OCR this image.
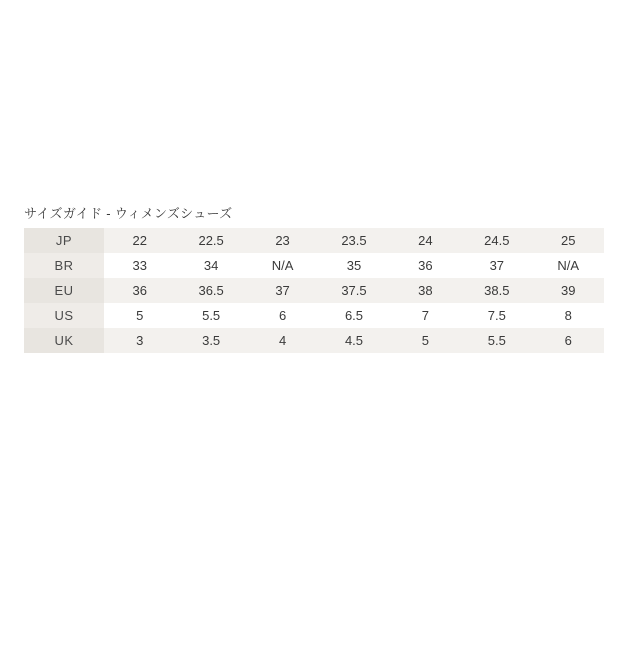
サイズガイド - ウィメンズシューズ
JP	22	22.5	23	23.5	24	24.5	25
BR	33	34	N/A	35	36	37	N/A
EU	36	36.5	37	37.5	38	38.5	39
US	5	5.5	6	6.5	7	7.5	8
UK	3	3.5	4	4.5	5	5.5	6
